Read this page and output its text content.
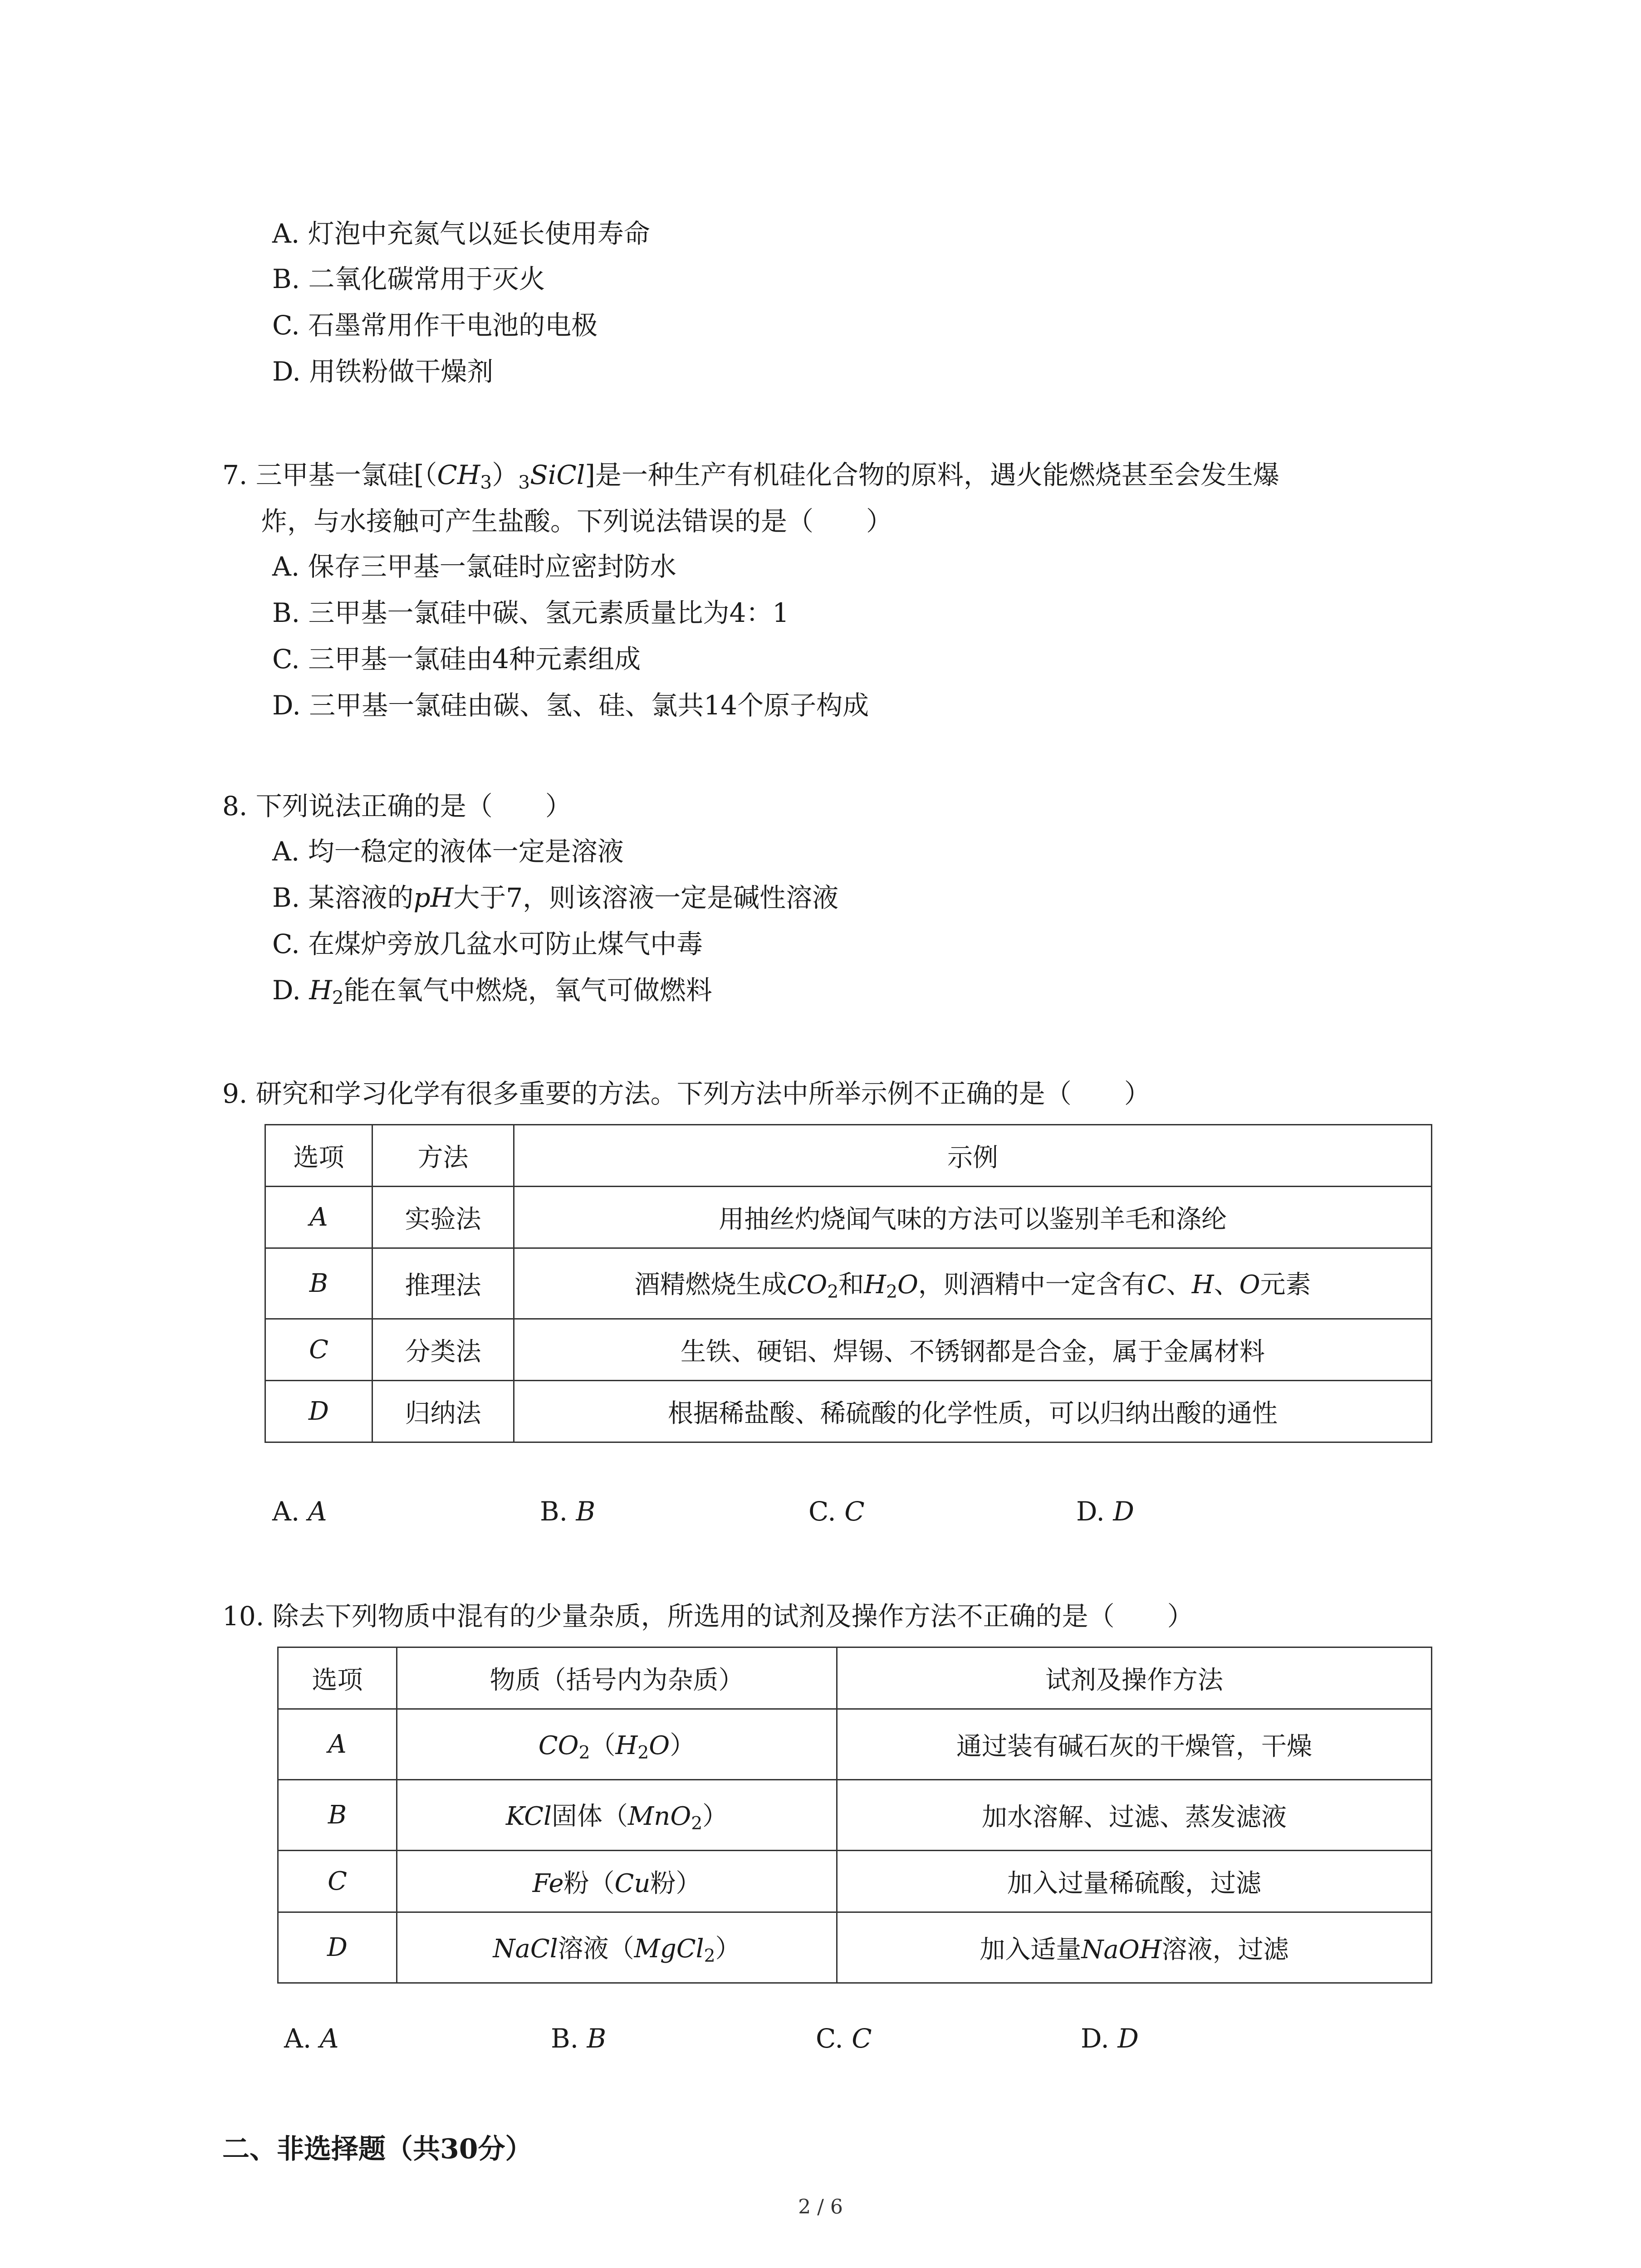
A. 灯泡中充氮气以延长使用寿命
B. 二氧化碳常用于灭火
C. 石墨常用作干电池的电极
D. 用铁粉做干燥剂
7. 三甲基一氯硅$[(CH_3)_3SiCl]$是一种生产有机硅化合物的原料，遇火能燃烧甚至会发生爆
炸，与水接触可产生盐酸。下列说法错误的是（　　）
A. 保存三甲基一氯硅时应密封防水
B. 三甲基一氯硅中碳、氢元素质量比为4：1
C. 三甲基一氯硅由4种元素组成
D. 三甲基一氯硅由碳、氢、硅、氯共14个原子构成
8. 下列说法正确的是（　　）
A. 均一稳定的液体一定是溶液
B. 某溶液的pH大于7，则该溶液一定是碱性溶液
C. 在煤炉旁放几盆水可防止煤气中毒
D. $H_2$能在氧气中燃烧，氧气可做燃料
9. 研究和学习化学有很多重要的方法。下列方法中所举示例不正确的是（　　）
选项	方法	示例
A	实验法	用抽丝灼烧闻气味的方法可以鉴别羊毛和涤纶
B	推理法	酒精燃烧生成$CO_2$和$H_2O$，则酒精中一定含有C、H、O元素
C	分类法	生铁、硬铝、焊锡、不锈钢都是合金，属于金属材料
D	归纳法	根据稀盐酸、稀硫酸的化学性质，可以归纳出酸的通性
A. A	B. B	C. C	D. D
10. 除去下列物质中混有的少量杂质，所选用的试剂及操作方法不正确的是（　　）
选项	物质（括号内为杂质）	试剂及操作方法
A	$CO_2(H_2O)$	通过装有碱石灰的干燥管，干燥
B	KCl固体（MnO$_2$）	加水溶解、过滤、蒸发滤液
C	Fe粉（Cu粉）	加入过量稀硫酸，过滤
D	NaCl溶液（MgCl$_2$）	加入适量NaOH溶液，过滤
A. A	B. B	C. C	D. D
二、非选择题（共30分）
2 / 6
